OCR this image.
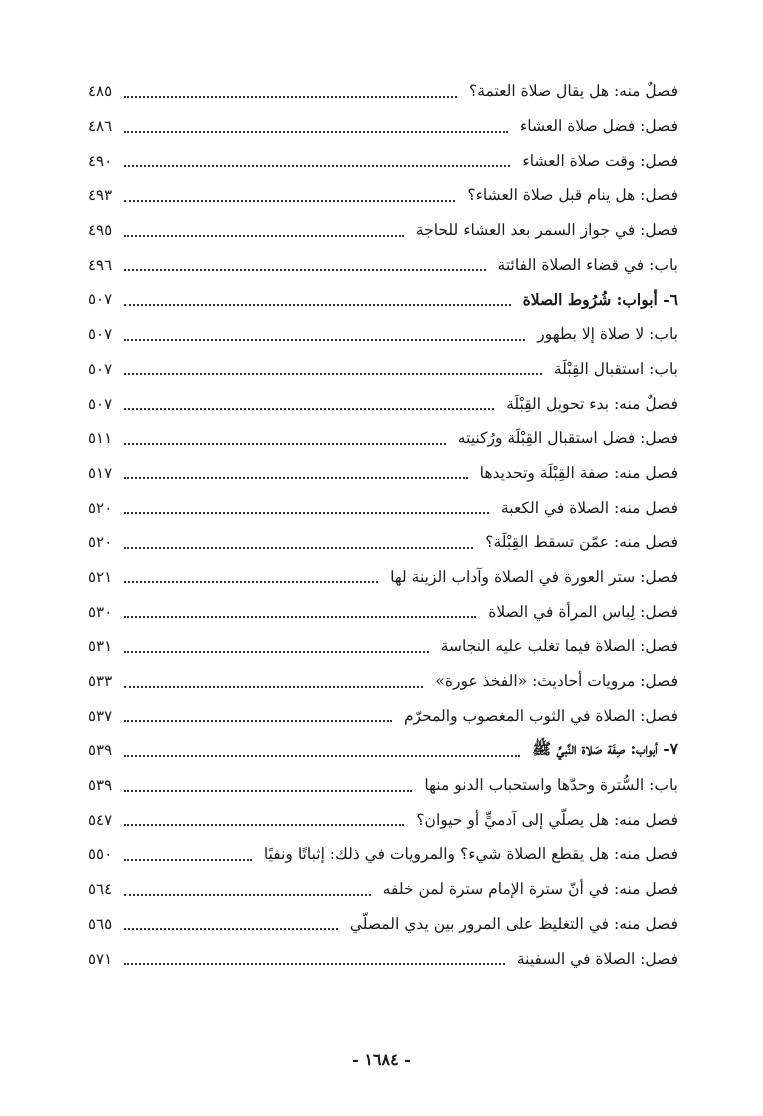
فصلٌ منه: هل يقال صلاة العتمة؟
٤٨٥
فصل: فضل صلاة العشاء
٤٨٦
فصل: وقت صلاة العشاء
٤٩٠
فصل: هل ينام قبل صلاة العشاء؟
٤٩٣
فصل: في جواز السمر بعد العشاء للحاجة
٤٩٥
باب: في قضاء الصلاة الفائتة
٤٩٦
٦- أبواب: شُرُوط الصلاة
٥٠٧
باب: لا صلاة إلا بطهور
٥٠٧
باب: استقبال القِبْلَة
٥٠٧
فصلٌ منه: بدء تحويل القِبْلَة
٥٠٧
فصل: فضل استقبال القِبْلَة ورُكنيته
٥١١
فصل منه: صفة القِبْلَة وتحديدها
٥١٧
فصل منه: الصلاة في الكعبة
٥٢٠
فصل منه: عمّن تسقط القِبْلَة؟
٥٢٠
فصل: ستر العورة في الصلاة وآداب الزينة لها
٥٢١
فصل: لِباس المرأة في الصلاة
٥٣٠
فصل: الصلاة فيما تغلب عليه النجاسة
٥٣١
فصل: مرويات أحاديث: «الفخذ عورة»
٥٣٣
فصل: الصلاة في الثوب المغصوب والمحرّم
٥٣٧
٧- أبواب: صِفَة صَلاة النَّبيِّ ﷺ
٥٣٩
باب: السُّترة وحدّها واستحباب الدنو منها
٥٣٩
فصل منه: هل يصلّي إلى آدميٍّ أو حيوان؟
٥٤٧
فصل منه: هل يقطع الصلاة شيء؟ والمرويات في ذلك: إثباتًا ونفيًا
٥٥٠
فصل منه: في أنّ سترة الإمام سترة لمن خلفه
٥٦٤
فصل منه: في التغليظ على المرور بين يدي المصلّي
٥٦٥
فصل: الصلاة في السفينة
٥٧١
- ١٦٨٤ -
